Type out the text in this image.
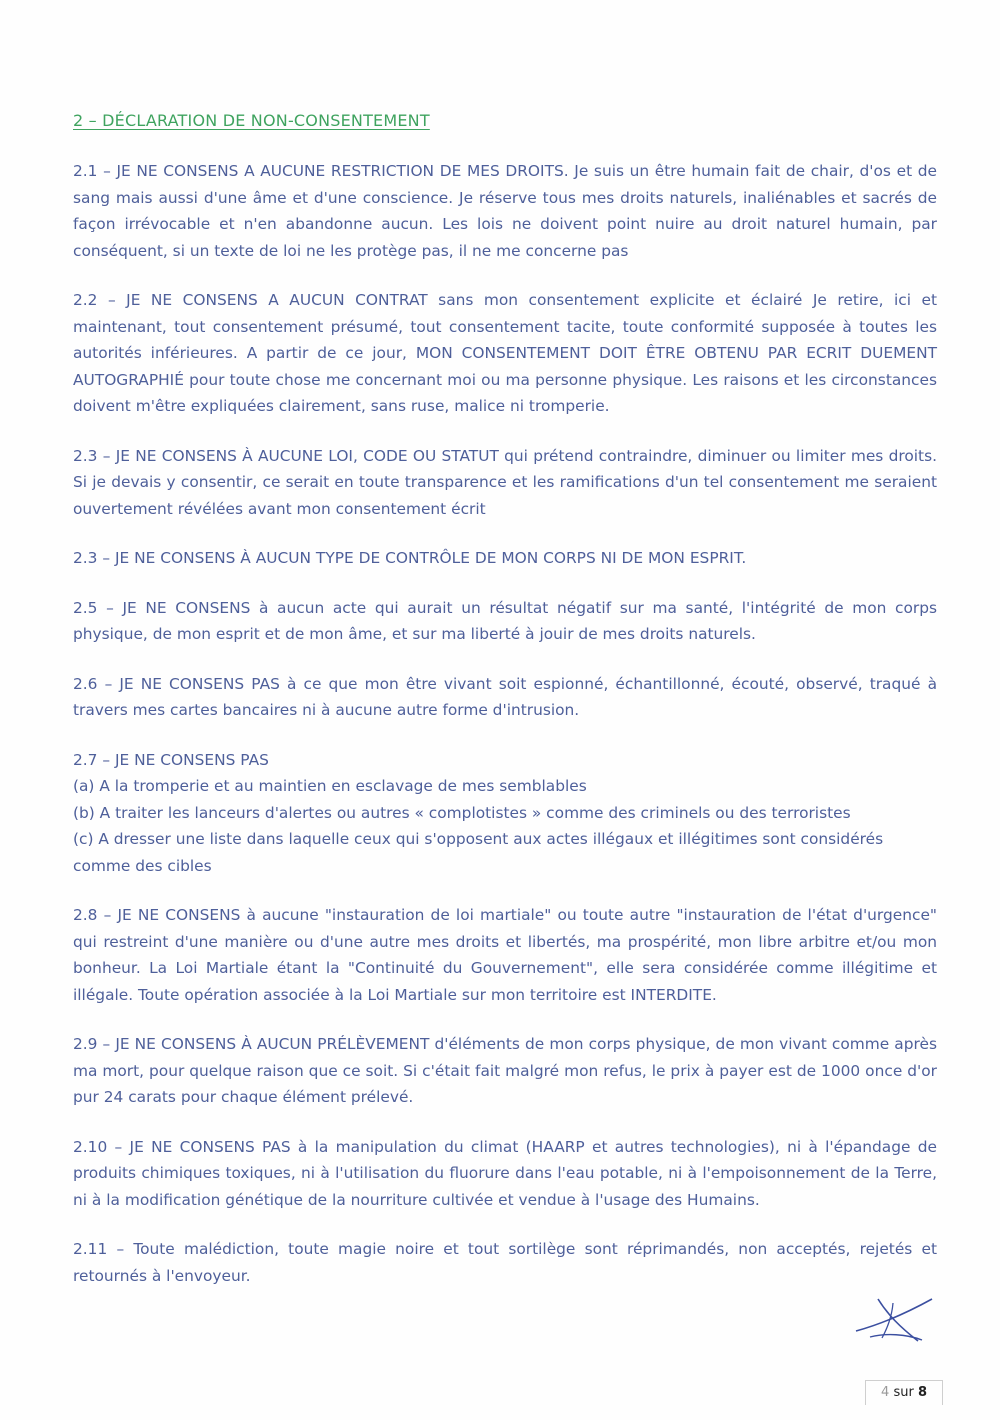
2 – DÉCLARATION DE NON-CONSENTEMENT

2.1 – JE NE CONSENS A AUCUNE RESTRICTION DE MES DROITS. Je suis un être humain fait de chair, d'os et de sang mais aussi d'une âme et d'une conscience. Je réserve tous mes droits naturels, inaliénables et sacrés de façon irrévocable et n'en abandonne aucun. Les lois ne doivent point nuire au droit naturel humain, par conséquent, si un texte de loi ne les protège pas, il ne me concerne pas

2.2 – JE NE CONSENS A AUCUN CONTRAT sans mon consentement explicite et éclairé Je retire, ici et maintenant, tout consentement présumé, tout consentement tacite, toute conformité supposée à toutes les autorités inférieures. A partir de ce jour, MON CONSENTEMENT DOIT ÊTRE OBTENU PAR ECRIT DUEMENT AUTOGRAPHIÉ pour toute chose me concernant moi ou ma personne physique. Les raisons et les circonstances doivent m'être expliquées clairement, sans ruse, malice ni tromperie.

2.3 – JE NE CONSENS À AUCUNE LOI, CODE OU STATUT qui prétend contraindre, diminuer ou limiter mes droits. Si je devais y consentir, ce serait en toute transparence et les ramifications d'un tel consentement me seraient ouvertement révélées avant mon consentement écrit

2.3 – JE NE CONSENS À AUCUN TYPE DE CONTRÔLE DE MON CORPS NI DE MON ESPRIT.

2.5 – JE NE CONSENS à aucun acte qui aurait un résultat négatif sur ma santé, l'intégrité de mon corps physique, de mon esprit et de mon âme, et sur ma liberté à jouir de mes droits naturels.

2.6 – JE NE CONSENS PAS à ce que mon être vivant soit espionné, échantillonné, écouté, observé, traqué à travers mes cartes bancaires ni à aucune autre forme d'intrusion.

2.7 – JE NE CONSENS PAS
(a) A la tromperie et au maintien en esclavage de mes semblables
(b) A traiter les lanceurs d'alertes ou autres « complotistes » comme des criminels ou des terroristes
(c) A dresser une liste dans laquelle ceux qui s'opposent aux actes illégaux et illégitimes sont considérés comme des cibles

2.8 – JE NE CONSENS à aucune "instauration de loi martiale" ou toute autre "instauration de l'état d'urgence" qui restreint d'une manière ou d'une autre mes droits et libertés, ma prospérité, mon libre arbitre et/ou mon bonheur. La Loi Martiale étant la "Continuité du Gouvernement", elle sera considérée comme illégitime et illégale. Toute opération associée à la Loi Martiale sur mon territoire est INTERDITE.

2.9 – JE NE CONSENS À AUCUN PRÉLÈVEMENT d'éléments de mon corps physique, de mon vivant comme après ma mort, pour quelque raison que ce soit. Si c'était fait malgré mon refus, le prix à payer est de 1000 once d'or pur 24 carats pour chaque élément prélevé.

2.10 – JE NE CONSENS PAS à la manipulation du climat (HAARP et autres technologies), ni à l'épandage de produits chimiques toxiques, ni à l'utilisation du fluorure dans l'eau potable, ni à l'empoisonnement de la Terre, ni à la modification génétique de la nourriture cultivée et vendue à l'usage des Humains.

2.11 – Toute malédiction, toute magie noire et tout sortilège sont réprimandés, non acceptés, rejetés et retournés à l'envoyeur.

4 sur 8
